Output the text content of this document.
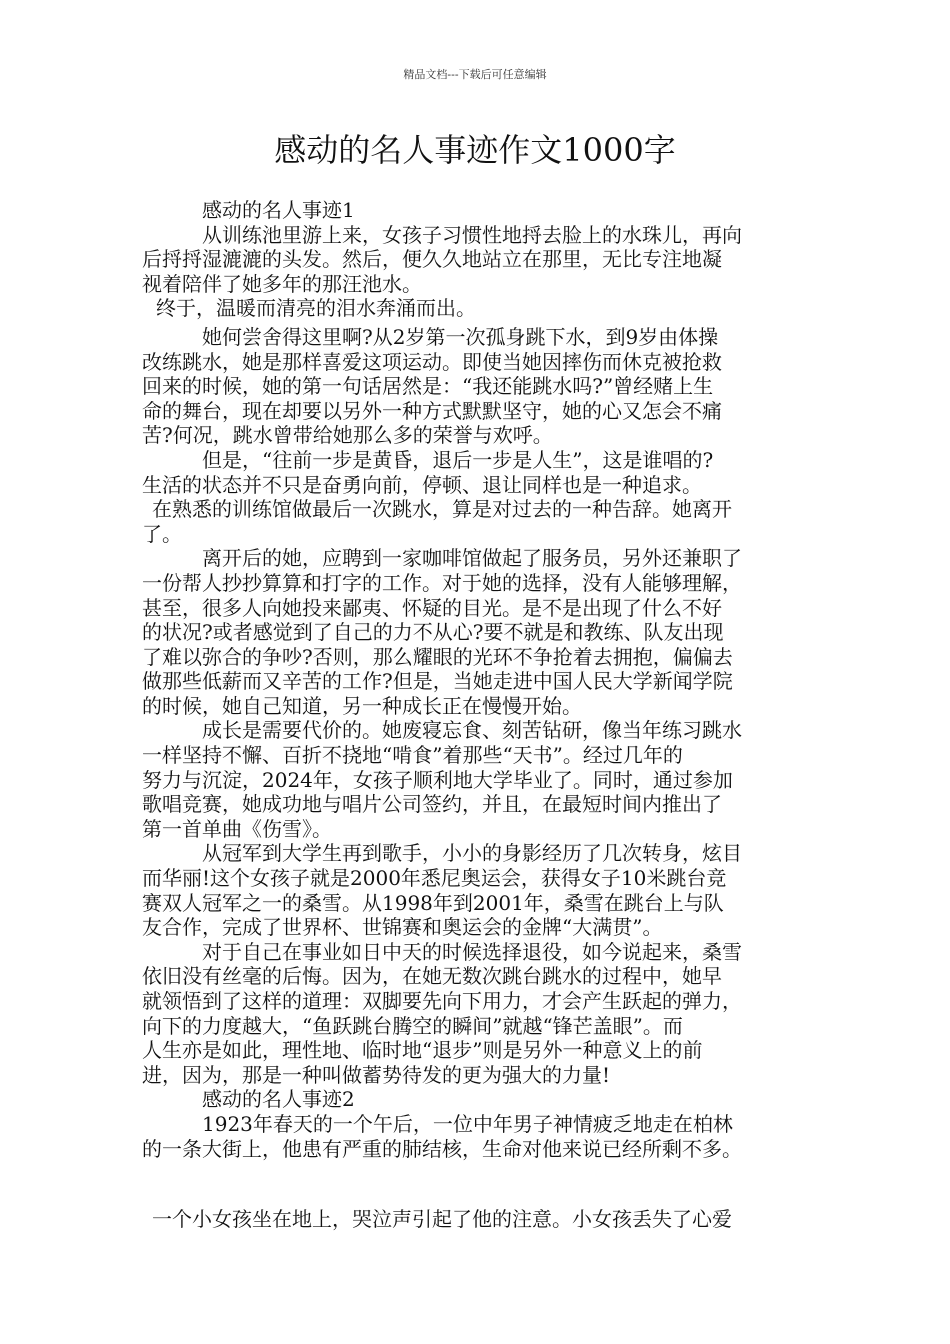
精品文档---下载后可任意编辑
感动的名人事迹作文1000字
感动的名人事迹1
从训练池里游上来，女孩子习惯性地捋去脸上的水珠儿，再向
后捋捋湿漉漉的头发。然后，便久久地站立在那里，无比专注地凝
视着陪伴了她多年的那汪池水。
终于，温暖而清亮的泪水奔涌而出。
她何尝舍得这里啊?从2岁第一次孤身跳下水，到9岁由体操
改练跳水，她是那样喜爱这项运动。即使当她因摔伤而休克被抢救
回来的时候，她的第一句话居然是：“我还能跳水吗?”曾经赌上生
命的舞台，现在却要以另外一种方式默默坚守，她的心又怎会不痛
苦?何况，跳水曾带给她那么多的荣誉与欢呼。
但是，“往前一步是黄昏，退后一步是人生”，这是谁唱的?
生活的状态并不只是奋勇向前，停顿、退让同样也是一种追求。
在熟悉的训练馆做最后一次跳水，算是对过去的一种告辞。她离开
了。
离开后的她，应聘到一家咖啡馆做起了服务员，另外还兼职了
一份帮人抄抄算算和打字的工作。对于她的选择，没有人能够理解，
甚至，很多人向她投来鄙夷、怀疑的目光。是不是出现了什么不好
的状况?或者感觉到了自己的力不从心?要不就是和教练、队友出现
了难以弥合的争吵?否则，那么耀眼的光环不争抢着去拥抱，偏偏去
做那些低薪而又辛苦的工作?但是，当她走进中国人民大学新闻学院
的时候，她自己知道，另一种成长正在慢慢开始。
成长是需要代价的。她废寝忘食、刻苦钻研，像当年练习跳水
一样坚持不懈、百折不挠地“啃食”着那些“天书”。经过几年的
努力与沉淀，2024年，女孩子顺利地大学毕业了。同时，通过参加
歌唱竞赛，她成功地与唱片公司签约，并且，在最短时间内推出了
第一首单曲《伤雪》。
从冠军到大学生再到歌手，小小的身影经历了几次转身，炫目
而华丽!这个女孩子就是2000年悉尼奥运会，获得女子10米跳台竞
赛双人冠军之一的桑雪。从1998年到2001年，桑雪在跳台上与队
友合作，完成了世界杯、世锦赛和奥运会的金牌“大满贯”。
对于自己在事业如日中天的时候选择退役，如今说起来，桑雪
依旧没有丝毫的后悔。因为，在她无数次跳台跳水的过程中，她早
就领悟到了这样的道理：双脚要先向下用力，才会产生跃起的弹力，
向下的力度越大，“鱼跃跳台腾空的瞬间”就越“锋芒盖眼”。而
人生亦是如此，理性地、临时地“退步”则是另外一种意义上的前
进，因为，那是一种叫做蓄势待发的更为强大的力量!
感动的名人事迹2
1923年春天的一个午后，一位中年男子神情疲乏地走在柏林
的一条大街上，他患有严重的肺结核，生命对他来说已经所剩不多。
一个小女孩坐在地上，哭泣声引起了他的注意。小女孩丢失了心爱
